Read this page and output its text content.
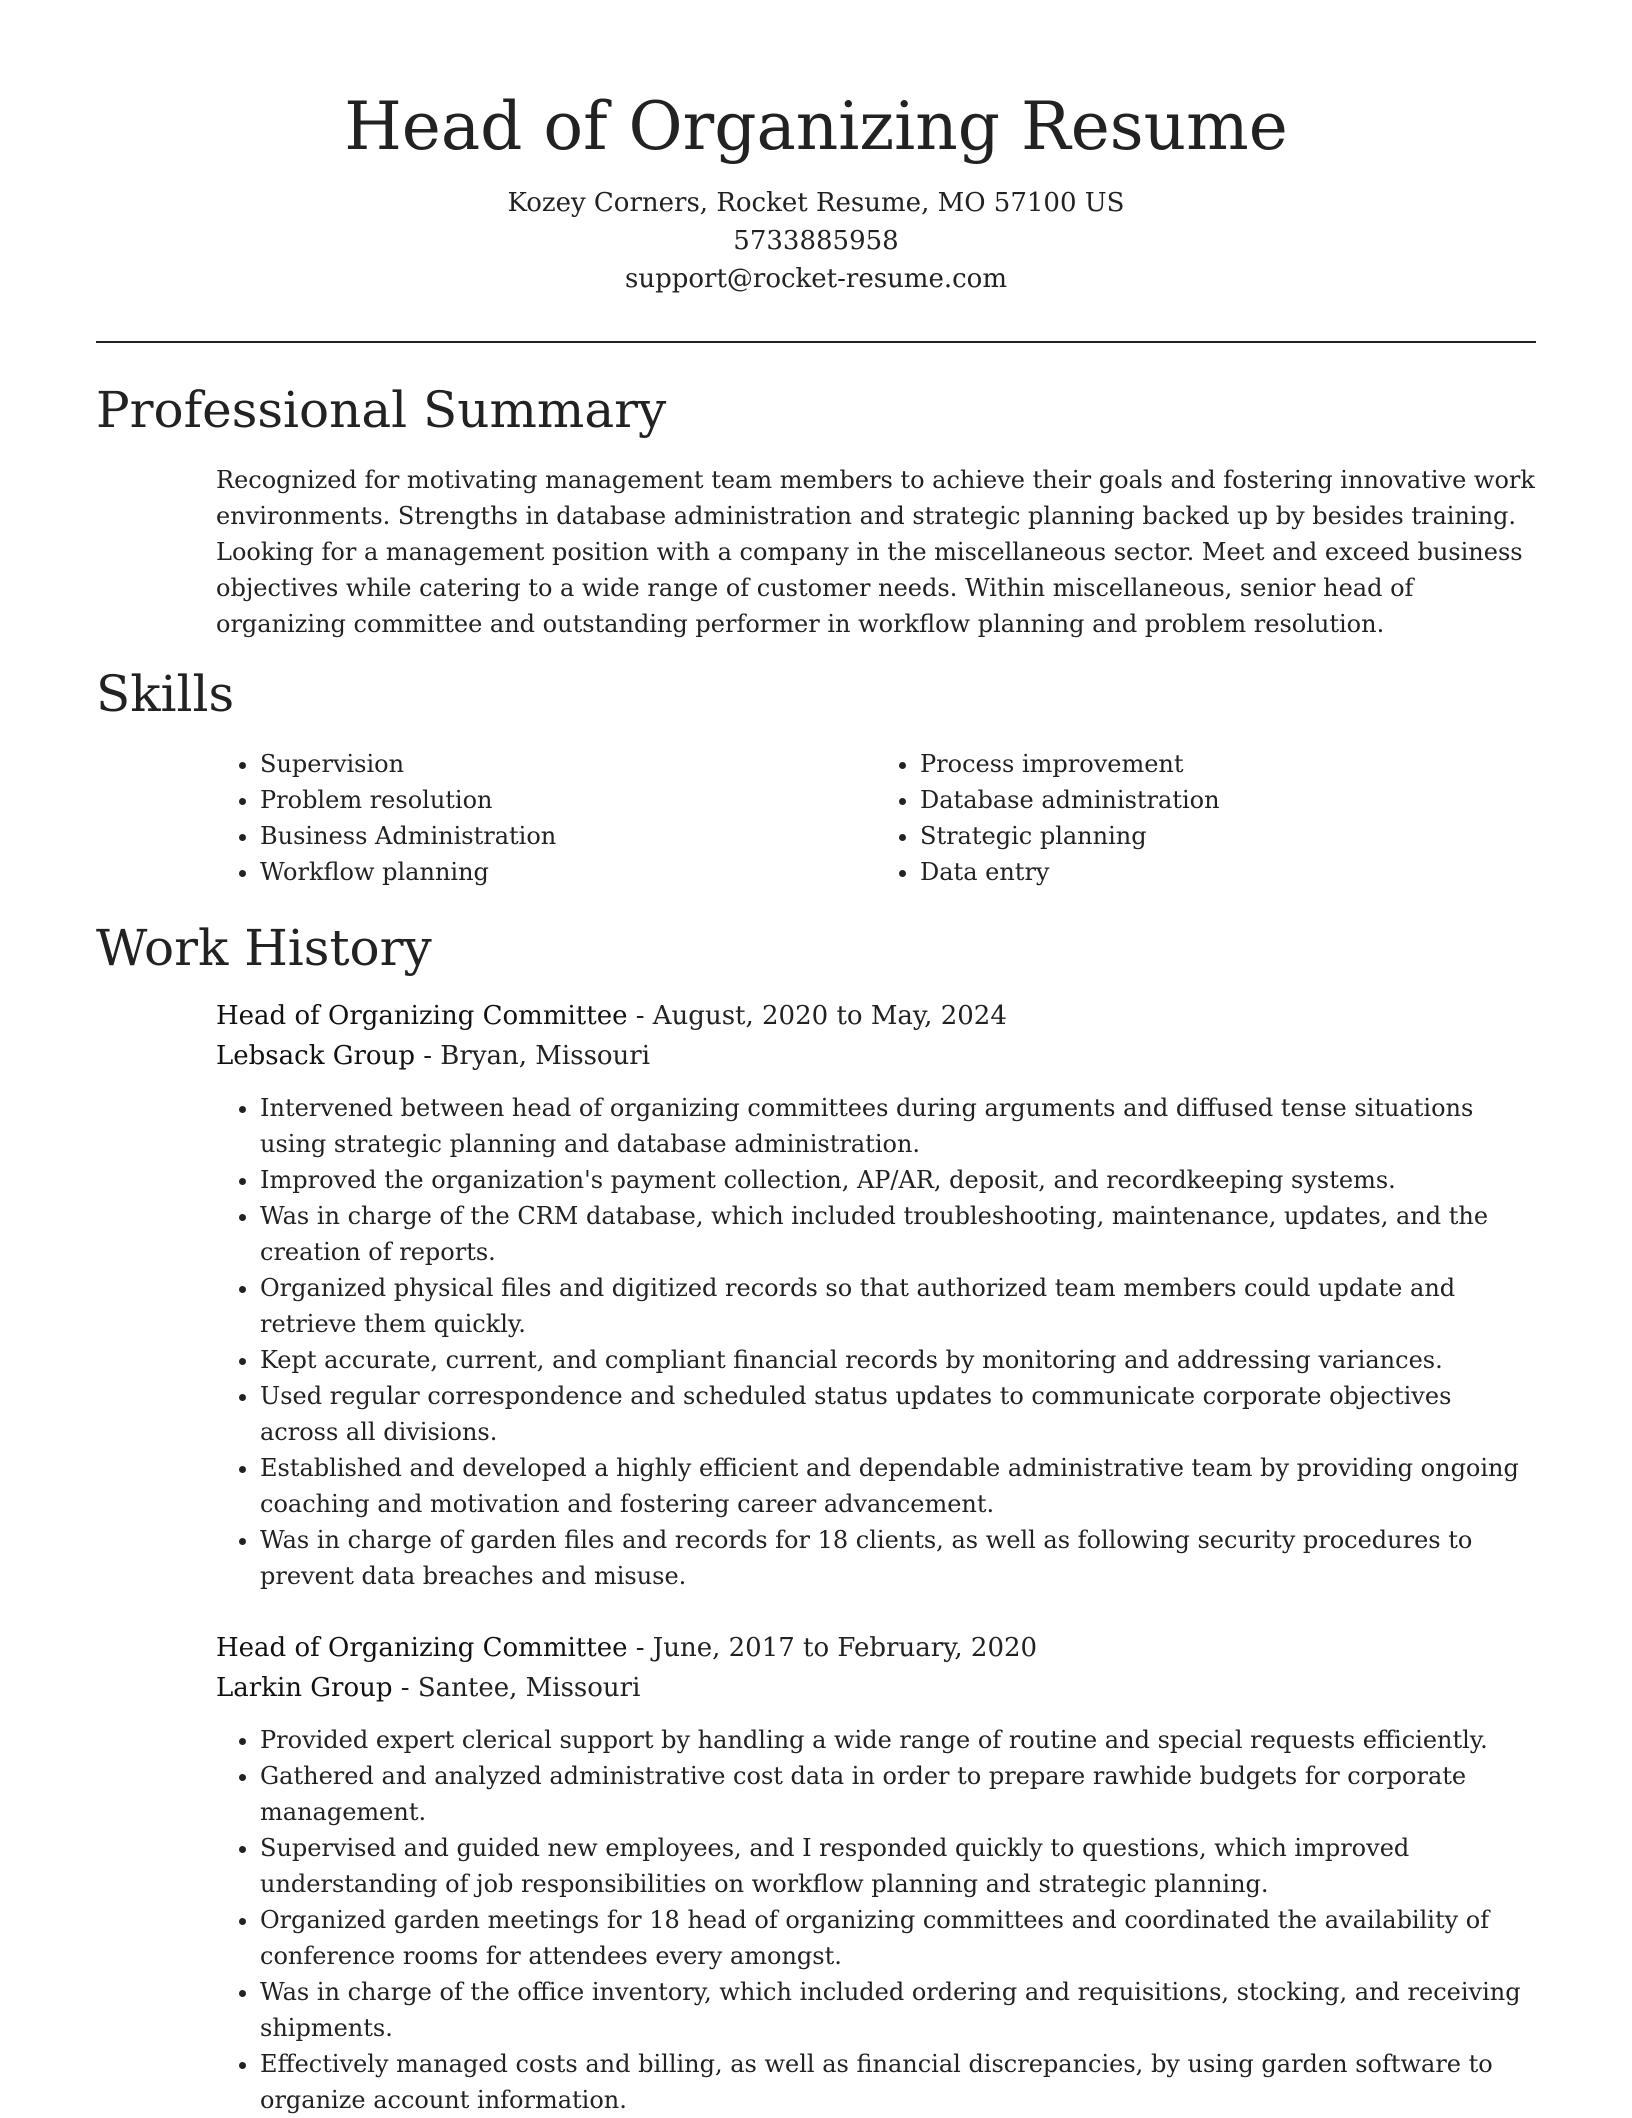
Head of Organizing Resume
Kozey Corners, Rocket Resume, MO 57100 US
5733885958
support@rocket-resume.com
Professional Summary

Recognized for motivating management team members to achieve their goals and fostering innovative work environments. Strengths in database administration and strategic planning backed up by besides training. Looking for a management position with a company in the miscellaneous sector. Meet and exceed business objectives while catering to a wide range of customer needs. Within miscellaneous, senior head of organizing committee and outstanding performer in workflow planning and problem resolution.

Skills
• Supervision
• Problem resolution
• Business Administration
• Workflow planning
• Process improvement
• Database administration
• Strategic planning
• Data entry
Work History
Head of Organizing Committee - August, 2020 to May, 2024
Lebsack Group - Bryan, Missouri
• Intervened between head of organizing committees during arguments and diffused tense situations using strategic planning and database administration.
• Improved the organization's payment collection, AP/AR, deposit, and recordkeeping systems.
• Was in charge of the CRM database, which included troubleshooting, maintenance, updates, and the creation of reports.
• Organized physical files and digitized records so that authorized team members could update and retrieve them quickly.
• Kept accurate, current, and compliant financial records by monitoring and addressing variances.
• Used regular correspondence and scheduled status updates to communicate corporate objectives across all divisions.
• Established and developed a highly efficient and dependable administrative team by providing ongoing coaching and motivation and fostering career advancement.
• Was in charge of garden files and records for 18 clients, as well as following security procedures to prevent data breaches and misuse.
Head of Organizing Committee - June, 2017 to February, 2020
Larkin Group - Santee, Missouri
• Provided expert clerical support by handling a wide range of routine and special requests efficiently.
• Gathered and analyzed administrative cost data in order to prepare rawhide budgets for corporate management.
• Supervised and guided new employees, and I responded quickly to questions, which improved understanding of job responsibilities on workflow planning and strategic planning.
• Organized garden meetings for 18 head of organizing committees and coordinated the availability of conference rooms for attendees every amongst.
• Was in charge of the office inventory, which included ordering and requisitions, stocking, and receiving shipments.
• Effectively managed costs and billing, as well as financial discrepancies, by using garden software to organize account information.
